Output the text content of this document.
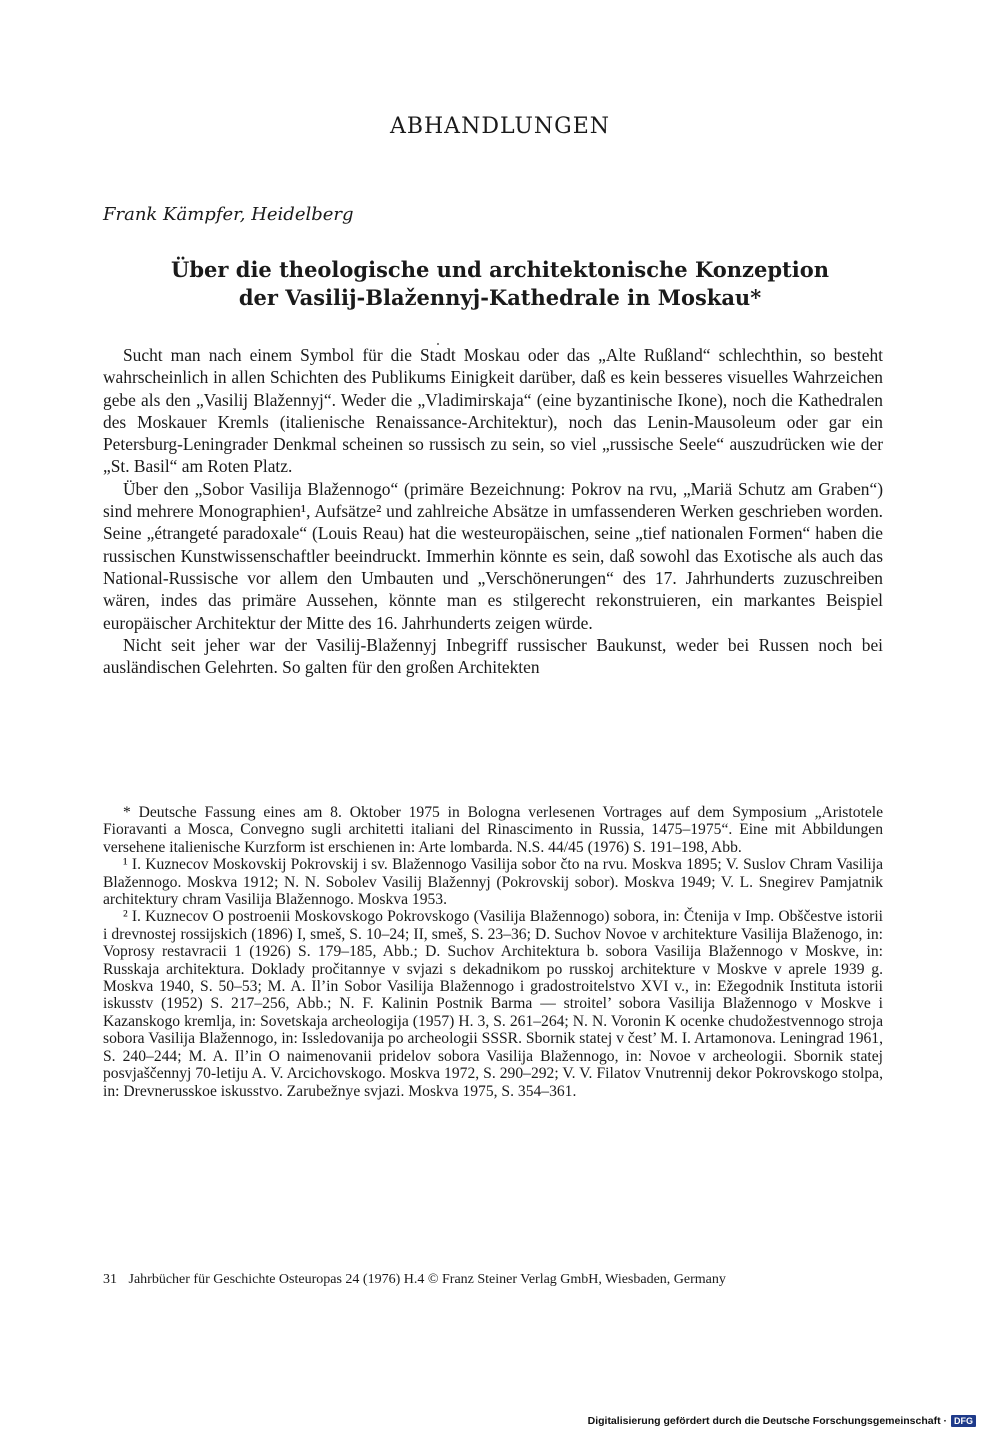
ABHANDLUNGEN

Frank Kämpfer, Heidelberg

Über die theologische und architektonische Konzeption
der Vasilij-Blažennyj-Kathedrale in Moskau*

Sucht man nach einem Symbol für die Stadt Moskau oder das „Alte Rußland“ schlechthin, so besteht wahrscheinlich in allen Schichten des Publikums Einigkeit darüber, daß es kein besseres visuelles Wahrzeichen gebe als den „Vasilij Blažennyj“. Weder die „Vladimirskaja“ (eine byzantinische Ikone), noch die Kathedralen des Moskauer Kremls (italienische Renaissance-Architektur), noch das Lenin-Mausoleum oder gar ein Petersburg-Leningrader Denkmal scheinen so russisch zu sein, so viel „russische Seele“ auszudrücken wie der „St. Basil“ am Roten Platz.

Über den „Sobor Vasilija Blažennogo“ (primäre Bezeichnung: Pokrov na rvu, „Mariä Schutz am Graben“) sind mehrere Monographien¹, Aufsätze² und zahlreiche Absätze in umfassenderen Werken geschrieben worden. Seine „étrangeté paradoxale“ (Louis Reau) hat die westeuropäischen, seine „tief nationalen Formen“ haben die russischen Kunstwissenschaftler beeindruckt. Immerhin könnte es sein, daß sowohl das Exotische als auch das National-Russische vor allem den Umbauten und „Verschönerungen“ des 17. Jahrhunderts zuzuschreiben wären, indes das primäre Aussehen, könnte man es stilgerecht rekonstruieren, ein markantes Beispiel europäischer Architektur der Mitte des 16. Jahrhunderts zeigen würde.

Nicht seit jeher war der Vasilij-Blažennyj Inbegriff russischer Baukunst, weder bei Russen noch bei ausländischen Gelehrten. So galten für den großen Architekten

* Deutsche Fassung eines am 8. Oktober 1975 in Bologna verlesenen Vortrages auf dem Symposium „Aristotele Fioravanti a Mosca, Convegno sugli architetti italiani del Rinascimento in Russia, 1475–1975“. Eine mit Abbildungen versehene italienische Kurzform ist erschienen in: Arte lombarda. N.S. 44/45 (1976) S. 191–198, Abb.

¹ I. Kuznecov Moskovskij Pokrovskij i sv. Blažennogo Vasilija sobor čto na rvu. Moskva 1895; V. Suslov Chram Vasilija Blažennogo. Moskva 1912; N. N. Sobolev Vasilij Blažennyj (Pokrovskij sobor). Moskva 1949; V. L. Snegirev Pamjatnik architektury chram Vasilija Blažennogo. Moskva 1953.

² I. Kuznecov O postroenii Moskovskogo Pokrovskogo (Vasilija Blažennogo) sobora, in: Čtenija v Imp. Obščestve istorii i drevnostej rossijskich (1896) I, smeš, S. 10–24; II, smeš, S. 23–36; D. Suchov Novoe v architekture Vasilija Blaženogo, in: Voprosy restavracii 1 (1926) S. 179–185, Abb.; D. Suchov Architektura b. sobora Vasilija Blažennogo v Moskve, in: Russkaja architektura. Doklady pročitannye v svjazi s dekadnikom po russkoj architekture v Moskve v aprele 1939 g. Moskva 1940, S. 50–53; M. A. Il’in Sobor Vasilija Blažennogo i gradostroitelstvo XVI v., in: Ežegodnik Instituta istorii iskusstv (1952) S. 217–256, Abb.; N. F. Kalinin Postnik Barma — stroitel’ sobora Vasilija Blažennogo v Moskve i Kazanskogo kremlja, in: Sovetskaja archeologija (1957) H. 3, S. 261–264; N. N. Voronin K ocenke chudožestvennogo stroja sobora Vasilija Blažennogo, in: Issledovanija po archeologii SSSR. Sbornik statej v čest’ M. I. Artamonova. Leningrad 1961, S. 240–244; M. A. Il’in O naimenovanii pridelov sobora Vasilija Blažennogo, in: Novoe v archeologii. Sbornik statej posvjaščennyj 70-letiju A. V. Arcichovskogo. Moskva 1972, S. 290–292; V. V. Filatov Vnutrennij dekor Pokrovskogo stolpa, in: Drevnerusskoe iskusstvo. Zarubežnye svjazi. Moskva 1975, S. 354–361.

31 Jahrbücher für Geschichte Osteuropas 24 (1976) H.4 © Franz Steiner Verlag GmbH, Wiesbaden, Germany
Digitalisierung gefördert durch die Deutsche Forschungsgemeinschaft · DFG
